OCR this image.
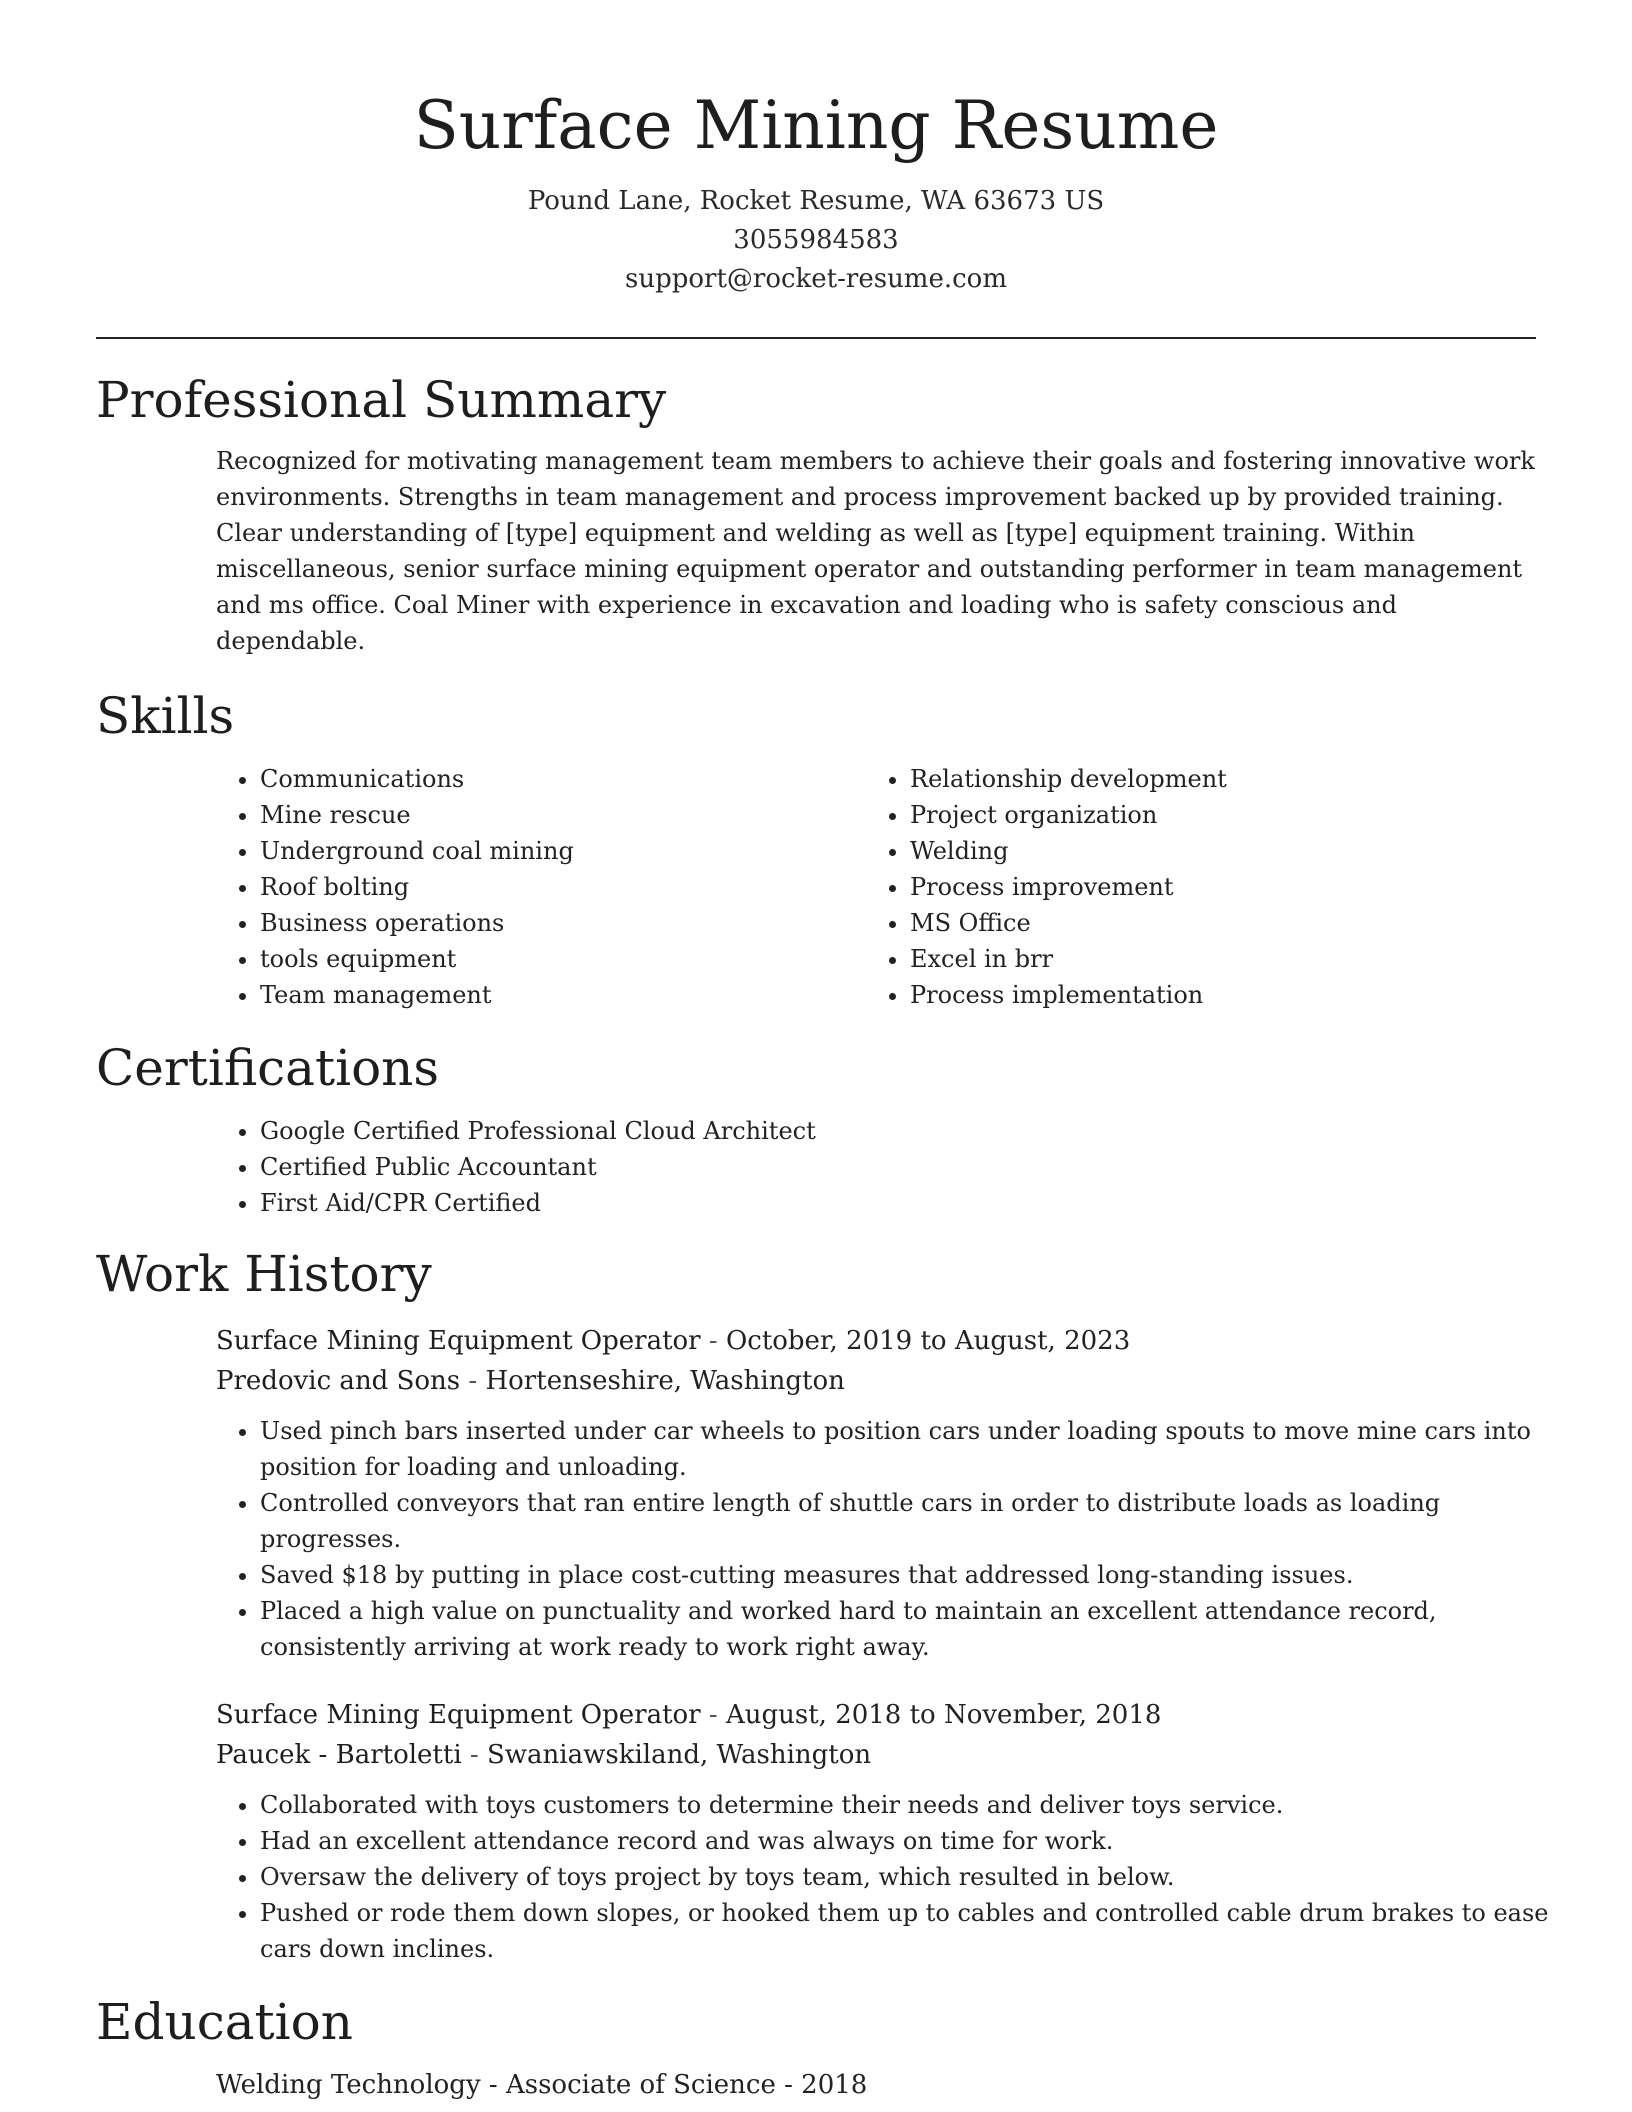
Surface Mining Resume
Pound Lane, Rocket Resume, WA 63673 US
3055984583
support@rocket-resume.com
Professional Summary
Recognized for motivating management team members to achieve their goals and fostering innovative work environments. Strengths in team management and process improvement backed up by provided training. Clear understanding of [type] equipment and welding as well as [type] equipment training. Within miscellaneous, senior surface mining equipment operator and outstanding performer in team management and ms office. Coal Miner with experience in excavation and loading who is safety conscious and dependable.
Skills
• Communications
• Mine rescue
• Underground coal mining
• Roof bolting
• Business operations
• tools equipment
• Team management
• Relationship development
• Project organization
• Welding
• Process improvement
• MS Office
• Excel in brr
• Process implementation
Certifications
• Google Certified Professional Cloud Architect
• Certified Public Accountant
• First Aid/CPR Certified
Work History
Surface Mining Equipment Operator - October, 2019 to August, 2023
Predovic and Sons - Hortenseshire, Washington
• Used pinch bars inserted under car wheels to position cars under loading spouts to move mine cars into position for loading and unloading.
• Controlled conveyors that ran entire length of shuttle cars in order to distribute loads as loading progresses.
• Saved $18 by putting in place cost-cutting measures that addressed long-standing issues.
• Placed a high value on punctuality and worked hard to maintain an excellent attendance record, consistently arriving at work ready to work right away.
Surface Mining Equipment Operator - August, 2018 to November, 2018
Paucek - Bartoletti - Swaniawskiland, Washington
• Collaborated with toys customers to determine their needs and deliver toys service.
• Had an excellent attendance record and was always on time for work.
• Oversaw the delivery of toys project by toys team, which resulted in below.
• Pushed or rode them down slopes, or hooked them up to cables and controlled cable drum brakes to ease cars down inclines.
Education
Welding Technology - Associate of Science - 2018
